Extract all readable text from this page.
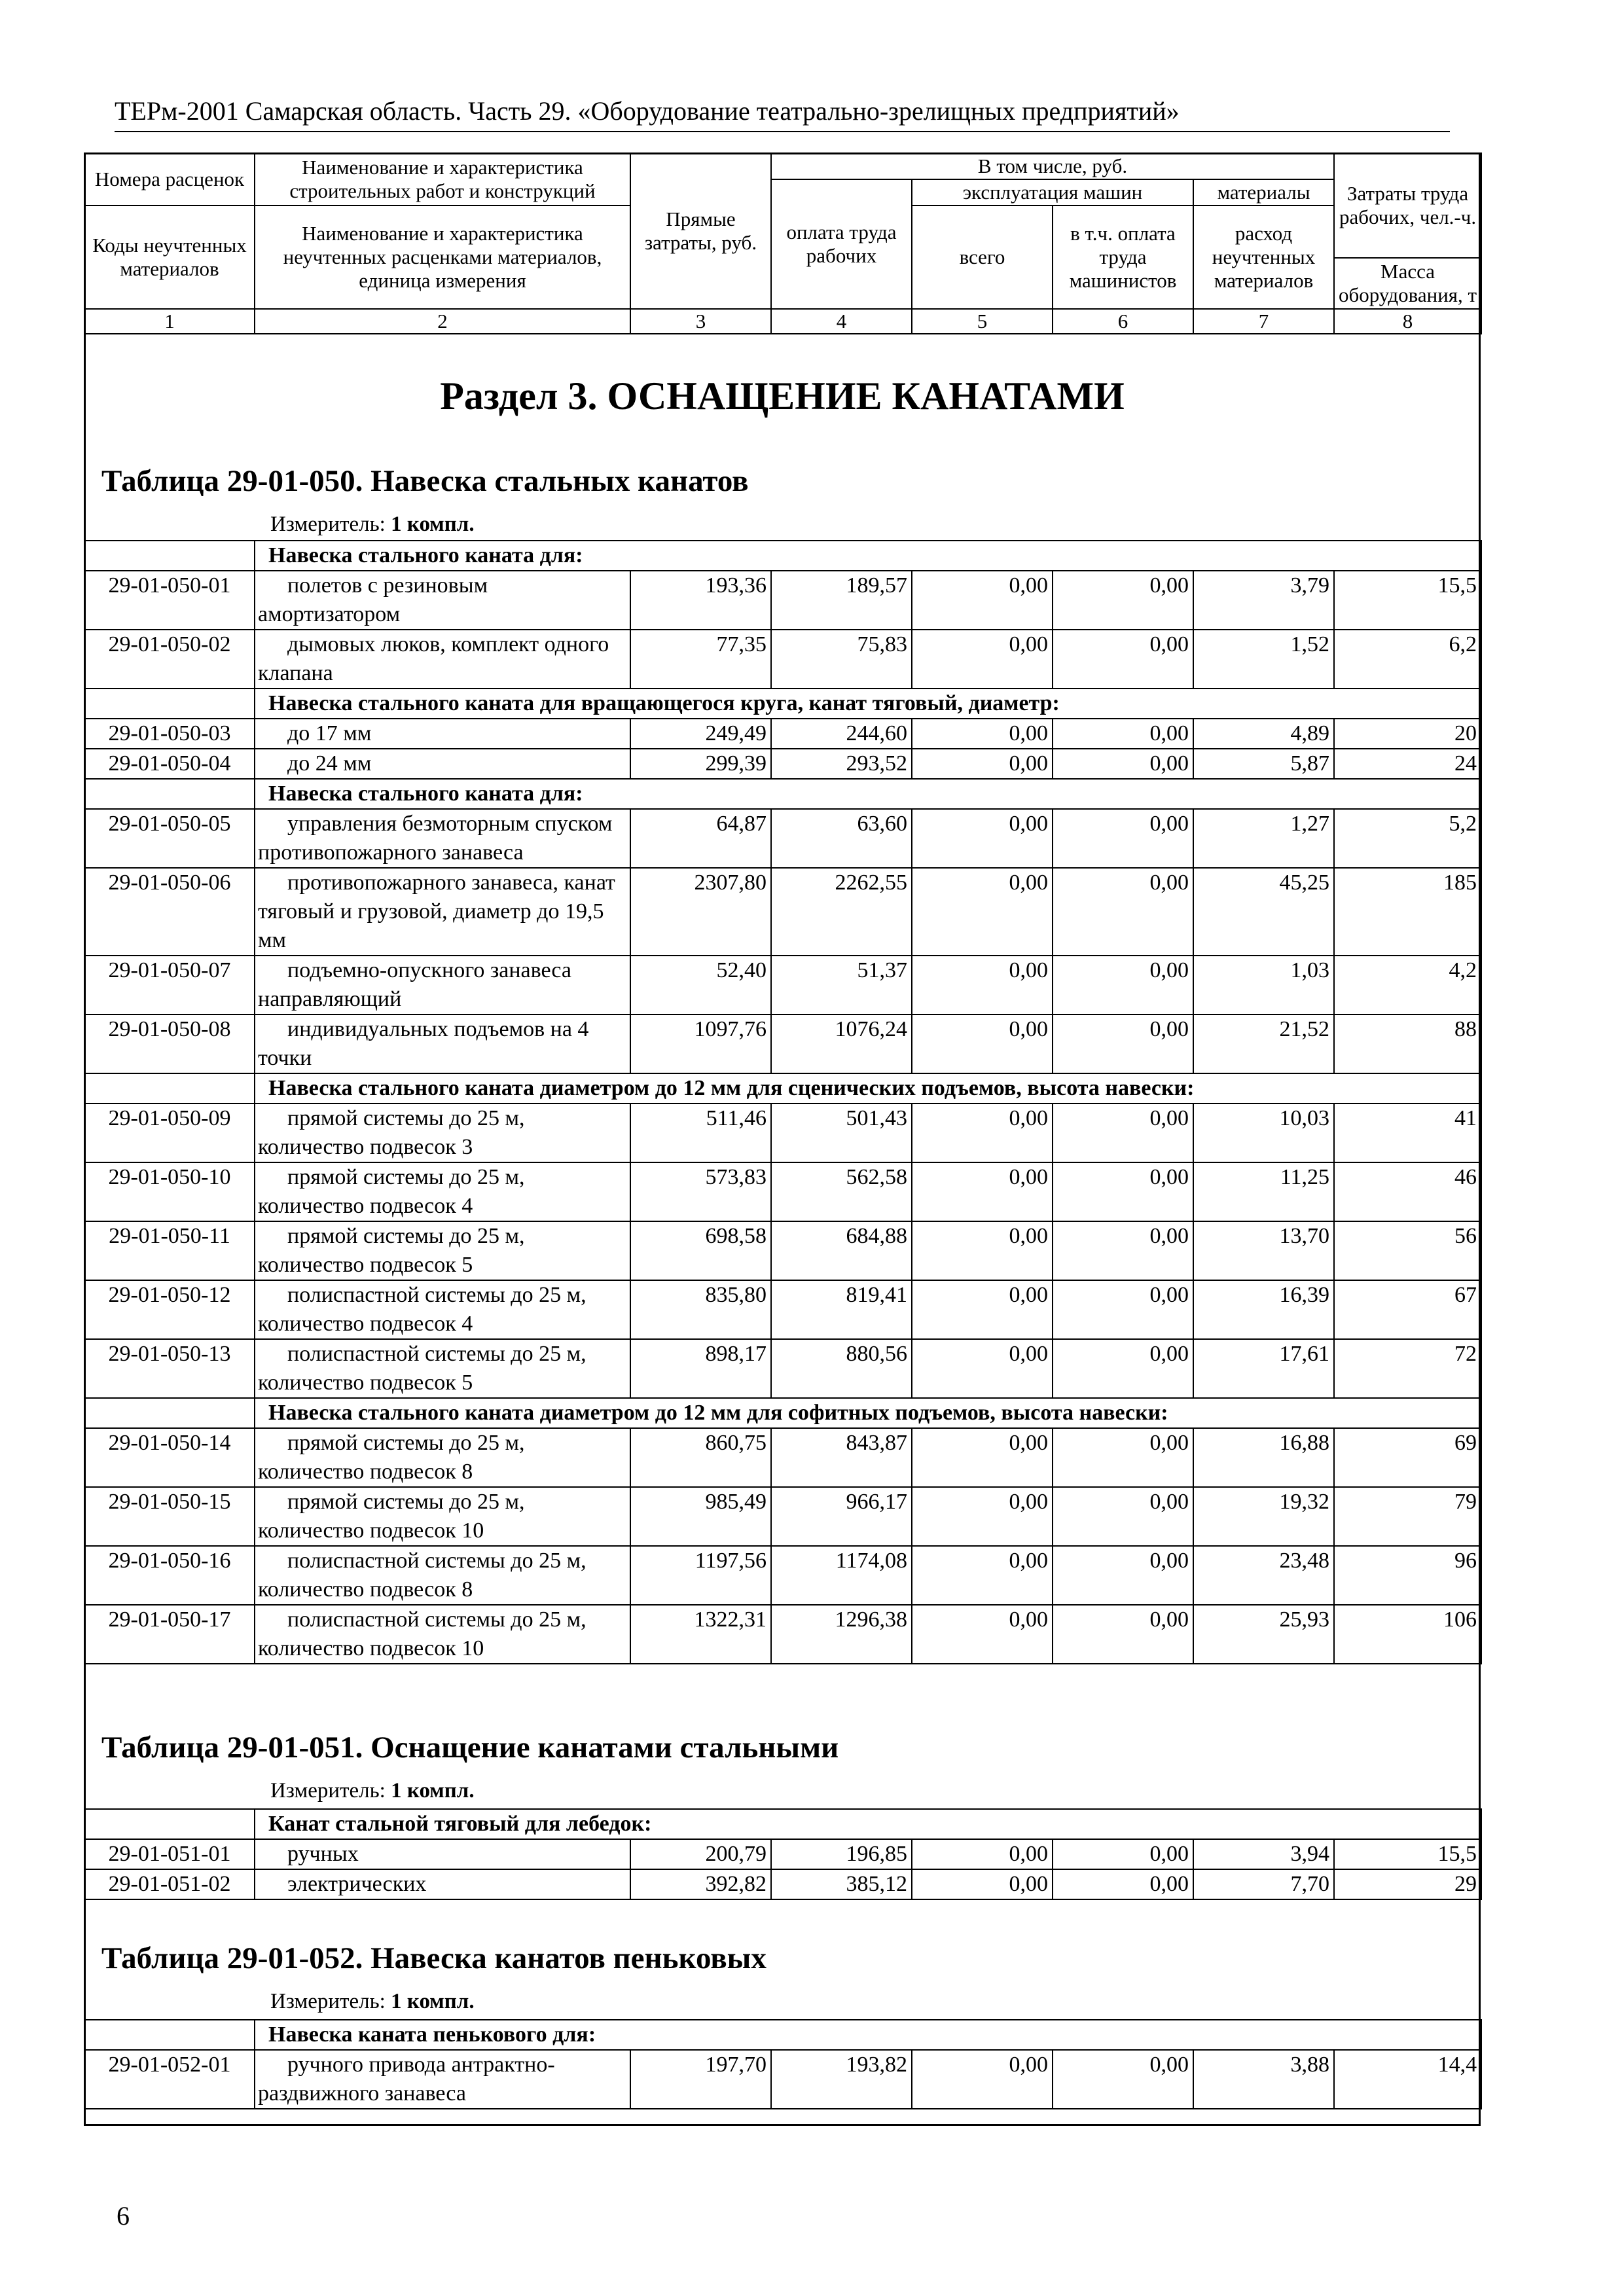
ТЕРм-2001 Самарская область. Часть 29. «Оборудование театрально-зрелищных предприятий»
Номера расценок	Наименование и характеристика строительных работ и конструкций	Прямые затраты, руб.	В том числе, руб.				Затраты труда рабочих, чел.-ч.
			оплата труда рабочих	эксплуатация машин		материалы	
Коды неучтенных материалов	Наименование и характеристика неучтенных расценками материалов, единица измерения			всего	в т.ч. оплата труда машинистов	расход неучтенных материалов	
							Масса оборудования, т
1	2	3	4	5	6	7	8
Раздел 3. ОСНАЩЕНИЕ КАНАТАМИ
Таблица 29-01-050. Навеска стальных канатов
Измеритель: 1 компл.
	Навеска стального каната для:						
29-01-050-01	полетов с резиновым амортизатором	193,36	189,57	0,00	0,00	3,79	15,5
29-01-050-02	дымовых люков, комплект одного клапана	77,35	75,83	0,00	0,00	1,52	6,2
	Навеска стального каната для вращающегося круга, канат тяговый, диаметр:						
29-01-050-03	до 17 мм	249,49	244,60	0,00	0,00	4,89	20
29-01-050-04	до 24 мм	299,39	293,52	0,00	0,00	5,87	24
	Навеска стального каната для:						
29-01-050-05	управления безмоторным спуском противопожарного занавеса	64,87	63,60	0,00	0,00	1,27	5,2
29-01-050-06	противопожарного занавеса, канат тяговый и грузовой, диаметр до 19,5 мм	2307,80	2262,55	0,00	0,00	45,25	185
29-01-050-07	подъемно-опускного занавеса направляющий	52,40	51,37	0,00	0,00	1,03	4,2
29-01-050-08	индивидуальных подъемов на 4 точки	1097,76	1076,24	0,00	0,00	21,52	88
	Навеска стального каната диаметром до 12 мм для сценических подъемов, высота навески:						
29-01-050-09	прямой системы до 25 м, количество подвесок 3	511,46	501,43	0,00	0,00	10,03	41
29-01-050-10	прямой системы до 25 м, количество подвесок 4	573,83	562,58	0,00	0,00	11,25	46
29-01-050-11	прямой системы до 25 м, количество подвесок 5	698,58	684,88	0,00	0,00	13,70	56
29-01-050-12	полиспастной системы до 25 м, количество подвесок 4	835,80	819,41	0,00	0,00	16,39	67
29-01-050-13	полиспастной системы до 25 м, количество подвесок 5	898,17	880,56	0,00	0,00	17,61	72
	Навеска стального каната диаметром до 12 мм для софитных подъемов, высота навески:						
29-01-050-14	прямой системы до 25 м, количество подвесок 8	860,75	843,87	0,00	0,00	16,88	69
29-01-050-15	прямой системы до 25 м, количество подвесок 10	985,49	966,17	0,00	0,00	19,32	79
29-01-050-16	полиспастной системы до 25 м, количество подвесок 8	1197,56	1174,08	0,00	0,00	23,48	96
29-01-050-17	полиспастной системы до 25 м, количество подвесок 10	1322,31	1296,38	0,00	0,00	25,93	106
Таблица 29-01-051. Оснащение канатами стальными
Измеритель: 1 компл.
	Канат стальной тяговый для лебедок:						
29-01-051-01	ручных	200,79	196,85	0,00	0,00	3,94	15,5
29-01-051-02	электрических	392,82	385,12	0,00	0,00	7,70	29
Таблица 29-01-052. Навеска канатов пеньковых
Измеритель: 1 компл.
	Навеска каната пенькового для:						
29-01-052-01	ручного привода антрактно-раздвижного занавеса	197,70	193,82	0,00	0,00	3,88	14,4
6
